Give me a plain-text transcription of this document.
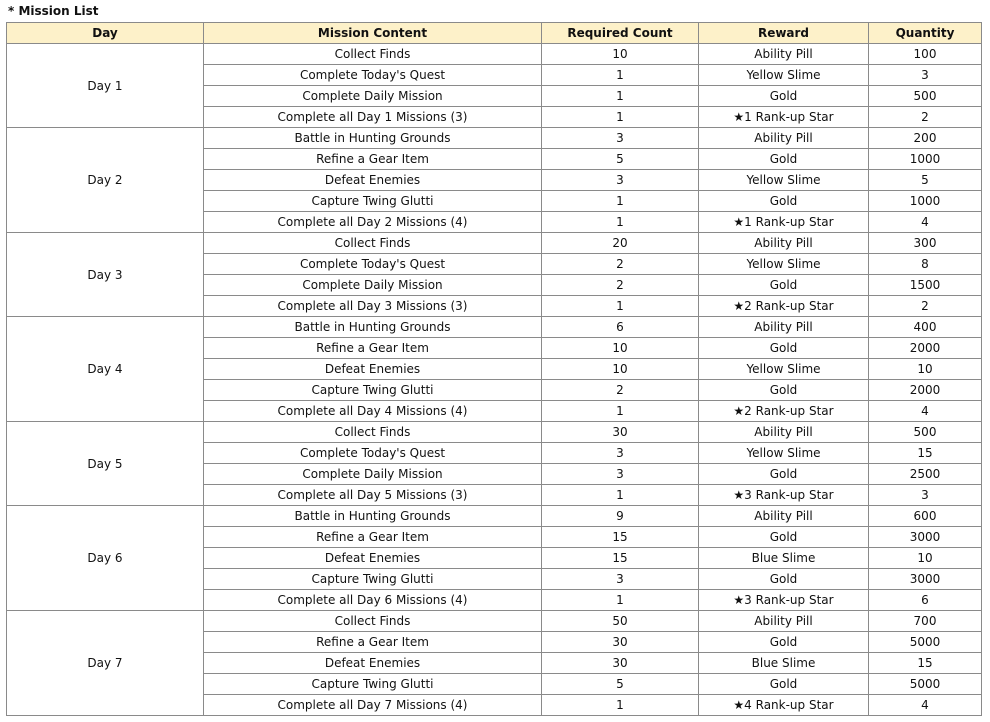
* Mission List
Day	Mission Content	Required Count	Reward	Quantity
Day 1	Collect Finds	10	Ability Pill	100
	Complete Today's Quest	1	Yellow Slime	3
	Complete Daily Mission	1	Gold	500
	Complete all Day 1 Missions (3)	1	★1 Rank-up Star	2
Day 2	Battle in Hunting Grounds	3	Ability Pill	200
	Refine a Gear Item	5	Gold	1000
	Defeat Enemies	3	Yellow Slime	5
	Capture Twing Glutti	1	Gold	1000
	Complete all Day 2 Missions (4)	1	★1 Rank-up Star	4
Day 3	Collect Finds	20	Ability Pill	300
	Complete Today's Quest	2	Yellow Slime	8
	Complete Daily Mission	2	Gold	1500
	Complete all Day 3 Missions (3)	1	★2 Rank-up Star	2
Day 4	Battle in Hunting Grounds	6	Ability Pill	400
	Refine a Gear Item	10	Gold	2000
	Defeat Enemies	10	Yellow Slime	10
	Capture Twing Glutti	2	Gold	2000
	Complete all Day 4 Missions (4)	1	★2 Rank-up Star	4
Day 5	Collect Finds	30	Ability Pill	500
	Complete Today's Quest	3	Yellow Slime	15
	Complete Daily Mission	3	Gold	2500
	Complete all Day 5 Missions (3)	1	★3 Rank-up Star	3
Day 6	Battle in Hunting Grounds	9	Ability Pill	600
	Refine a Gear Item	15	Gold	3000
	Defeat Enemies	15	Blue Slime	10
	Capture Twing Glutti	3	Gold	3000
	Complete all Day 6 Missions (4)	1	★3 Rank-up Star	6
Day 7	Collect Finds	50	Ability Pill	700
	Refine a Gear Item	30	Gold	5000
	Defeat Enemies	30	Blue Slime	15
	Capture Twing Glutti	5	Gold	5000
	Complete all Day 7 Missions (4)	1	★4 Rank-up Star	4
